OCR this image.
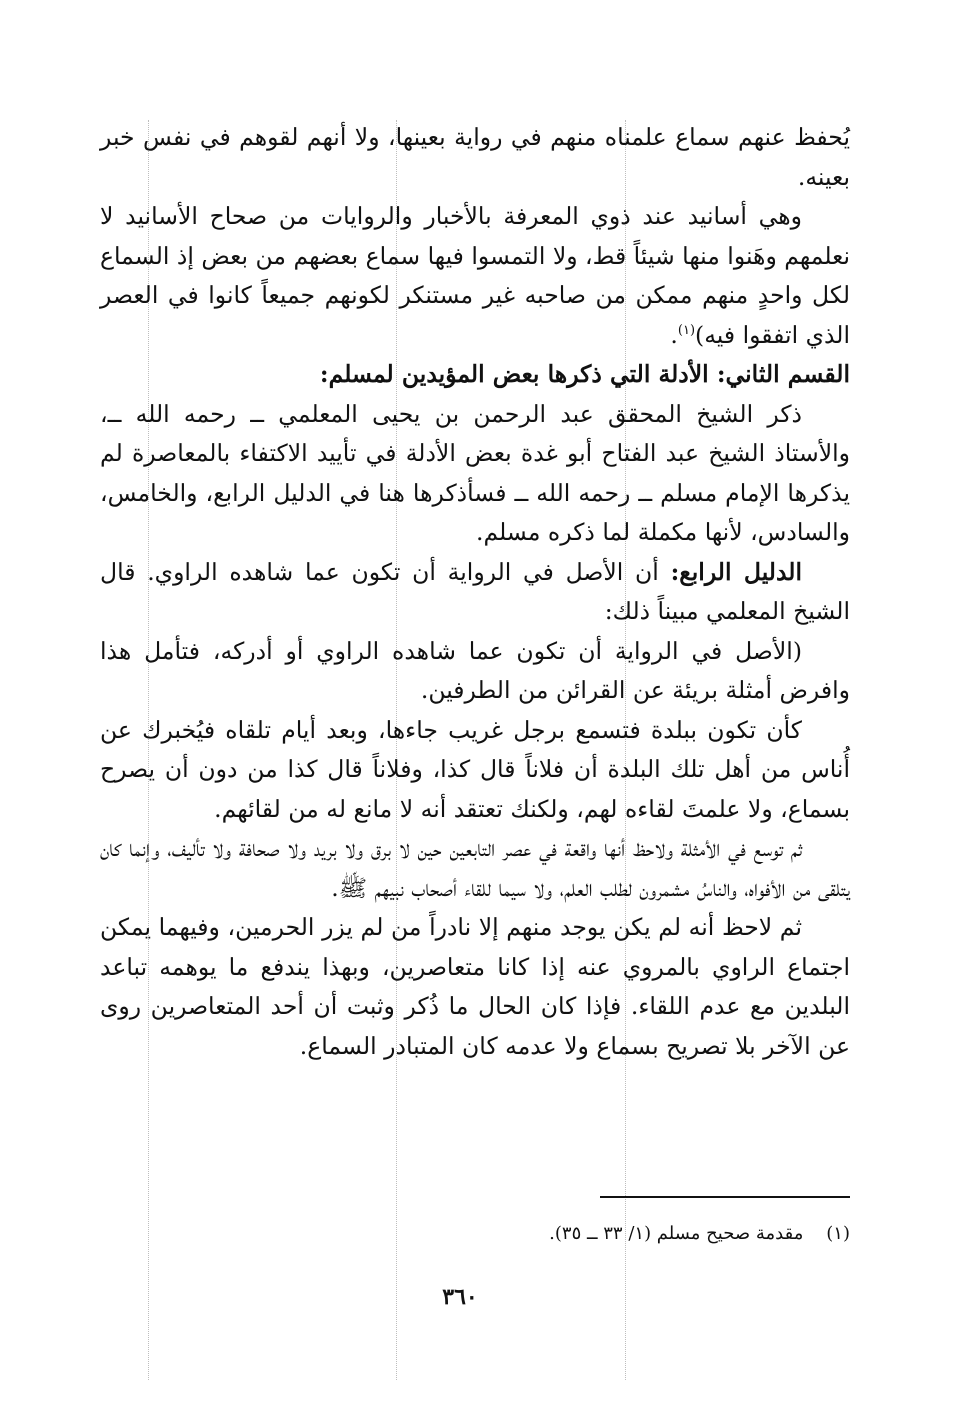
يُحفظ عنهم سماع علمناه منهم في رواية بعينها، ولا أنهم لقوهم في نفس خبر بعينه.

وهي أسانيد عند ذوي المعرفة بالأخبار والروايات من صحاح الأسانيد لا نعلمهم وهَنوا منها شيئاً قط، ولا التمسوا فيها سماع بعضهم من بعض إذ السماع لكل واحدٍ منهم ممكن من صاحبه غير مستنكر لكونهم جميعاً كانوا في العصر الذي اتفقوا فيه)$^{(١)}$.

القسم الثاني: الأدلة التي ذكرها بعض المؤيدين لمسلم:

ذكر الشيخ المحقق عبد الرحمن بن يحيى المعلمي ــ رحمه الله ــ، والأستاذ الشيخ عبد الفتاح أبو غدة بعض الأدلة في تأييد الاكتفاء بالمعاصرة لم يذكرها الإمام مسلم ــ رحمه الله ــ فسأذكرها هنا في الدليل الرابع، والخامس، والسادس، لأنها مكملة لما ذكره مسلم.

الدليل الرابع: أن الأصل في الرواية أن تكون عما شاهده الراوي. قال الشيخ المعلمي مبيناً ذلك:

(الأصل في الرواية أن تكون عما شاهده الراوي أو أدركه، فتأمل هذا وافرض أمثلة بريئة عن القرائن من الطرفين.

كأن تكون ببلدة فتسمع برجل غريب جاءها، وبعد أيام تلقاه فيُخبرك عن أُناس من أهل تلك البلدة أن فلاناً قال كذا، وفلاناً قال كذا من دون أن يصرح بسماع، ولا علمتَ لقاءه لهم، ولكنك تعتقد أنه لا مانع له من لقائهم.

ثم توسع في الأمثلة ولاحظ أنها واقعة في عصر التابعين حين لا برق ولا بريد ولا صحافة ولا تأليف، وإنما كان يتلقى من الأفواه، والناسُ مشمرون لطلب العلم، ولا سيما للقاء أصحاب نبيهم ﷺ.

ثم لاحظ أنه لم يكن يوجد منهم إلا نادراً من لم يزر الحرمين، وفيهما يمكن اجتماع الراوي بالمروي عنه إذا كانا متعاصرين، وبهذا يندفع ما يوهمه تباعد البلدين مع عدم اللقاء. فإذا كان الحال ما ذُكر وثبت أن أحد المتعاصرين روى عن الآخر بلا تصريح بسماع ولا عدمه كان المتبادر السماع.

(١)    مقدمة صحيح مسلم (١/ ٣٣ ــ ٣٥).
٣٦٠
